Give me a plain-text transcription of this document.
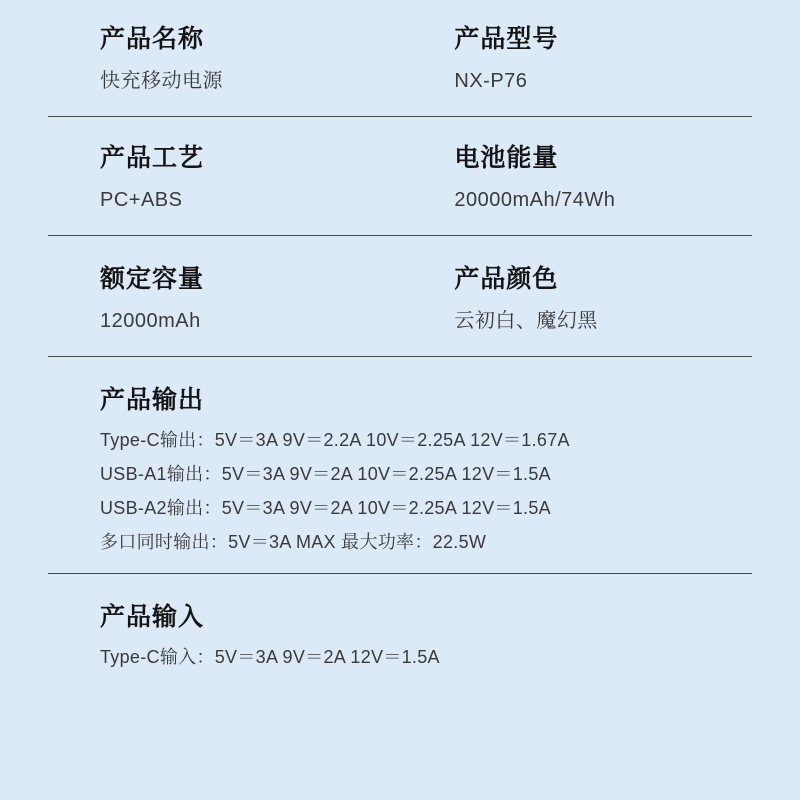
产品名称
快充移动电源
产品型号
NX-P76
产品工艺
PC+ABS
电池能量
20000mAh/74Wh
额定容量
12000mAh
产品颜色
云初白、魔幻黑
产品输出
Type-C输出：5V＝3A 9V＝2.2A 10V＝2.25A 12V＝1.67A
USB-A1输出：5V＝3A 9V＝2A 10V＝2.25A 12V＝1.5A
USB-A2输出：5V＝3A 9V＝2A 10V＝2.25A 12V＝1.5A
多口同时输出：5V＝3A MAX 最大功率：22.5W
产品输入
Type-C输入：5V＝3A 9V＝2A 12V＝1.5A
